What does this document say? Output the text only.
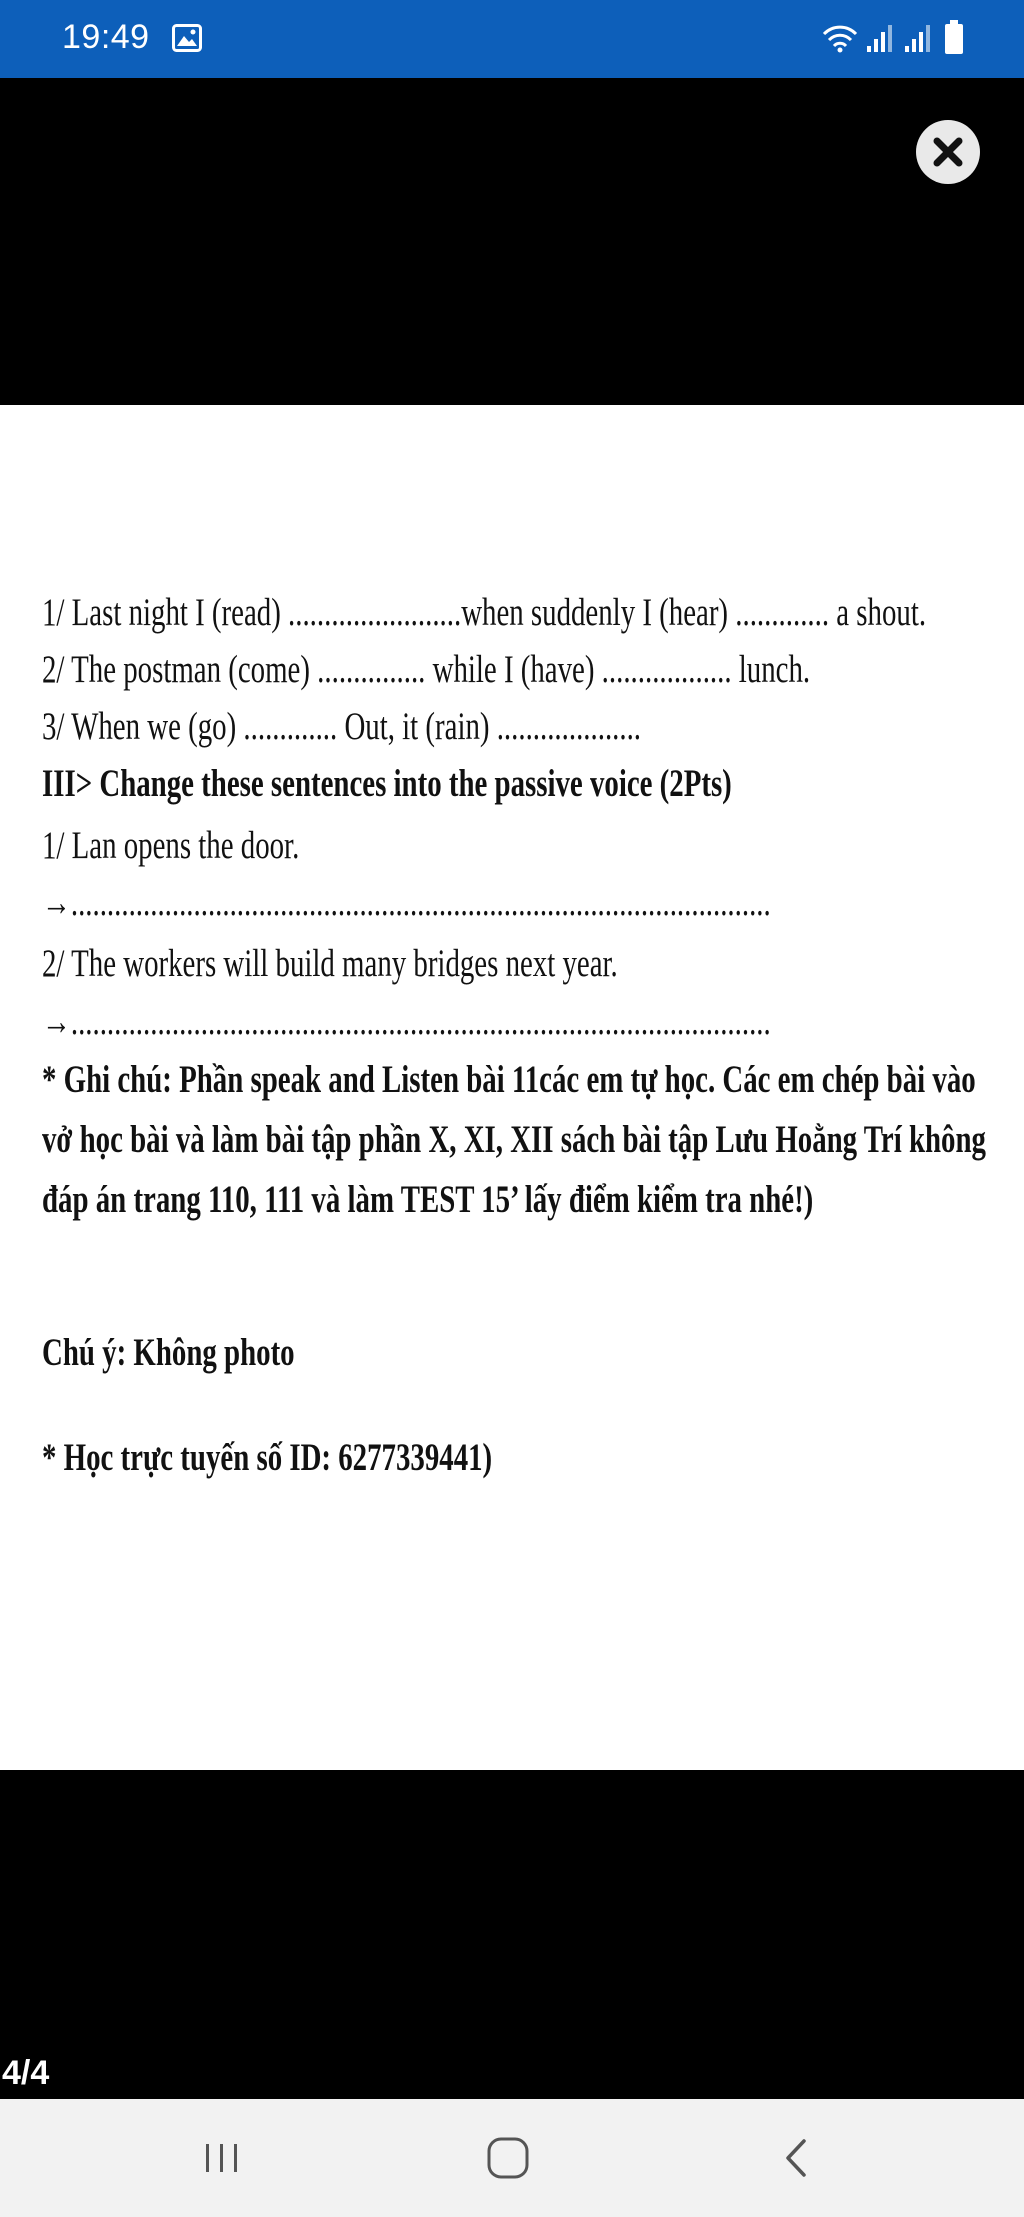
19:49
1/ Last night I (read) ........................when suddenly I (hear) ............. a shout.
2/ The postman (come) ............... while I (have) .................. lunch.
3/ When we (go) ............. Out, it (rain) ....................
III> Change these sentences into the passive voice (2Pts)
1/ Lan opens the door.
→.................................................................................................
2/ The workers will build many bridges next year.
→.................................................................................................
* Ghi chú: Phần speak and Listen bài 11các em tự học. Các em chép bài vào
vở học bài và làm bài tập phần X, XI, XII sách bài tập Lưu Hoằng Trí không
đáp án trang 110, 111 và làm TEST 15’ lấy điểm kiểm tra nhé!)
Chú ý: Không photo
* Học trực tuyến số ID: 6277339441)
4/4
